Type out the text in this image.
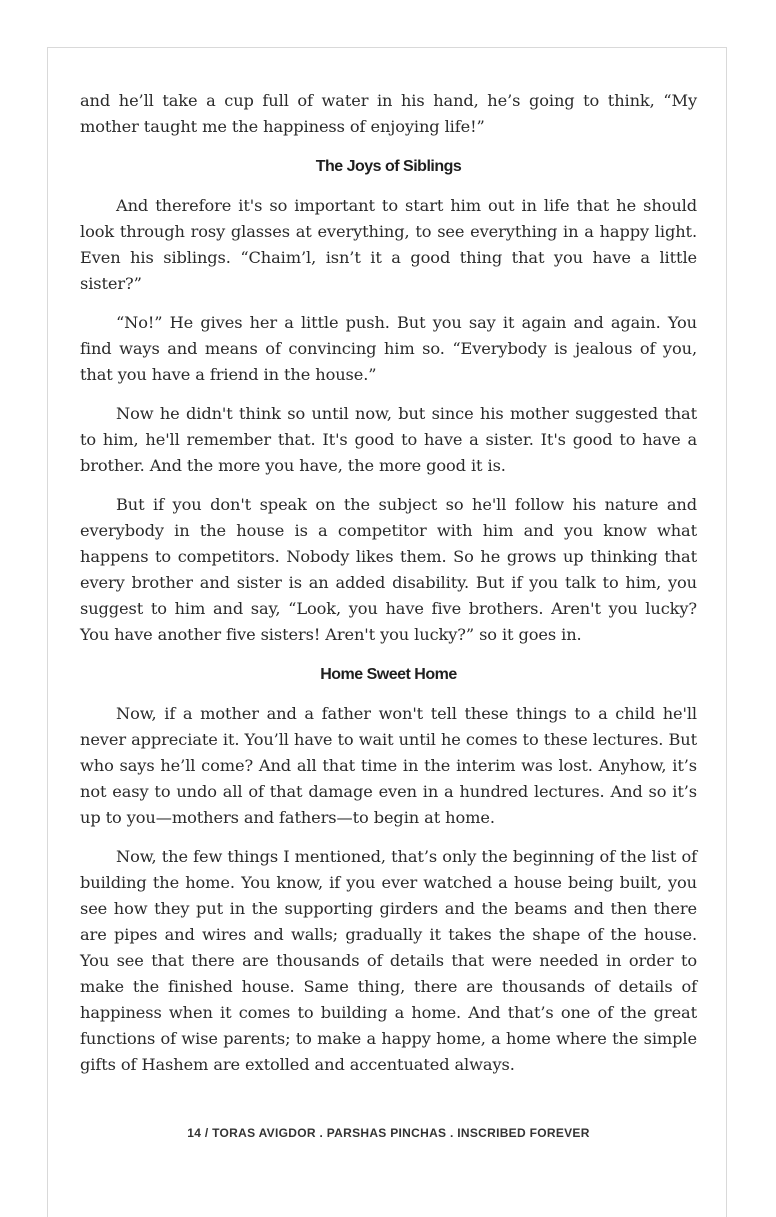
and he’ll take a cup full of water in his hand, he’s going to think, “My mother taught me the happiness of enjoying life!”

The Joys of Siblings

And therefore it's so important to start him out in life that he should look through rosy glasses at everything, to see everything in a happy light. Even his siblings. “Chaim’l, isn’t it a good thing that you have a little sister?”

“No!” He gives her a little push. But you say it again and again. You find ways and means of convincing him so. “Everybody is jealous of you, that you have a friend in the house.”

Now he didn't think so until now, but since his mother suggested that to him, he'll remember that. It's good to have a sister. It's good to have a brother. And the more you have, the more good it is.

But if you don't speak on the subject so he'll follow his nature and everybody in the house is a competitor with him and you know what happens to competitors. Nobody likes them. So he grows up thinking that every brother and sister is an added disability. But if you talk to him, you suggest to him and say, “Look, you have five brothers. Aren't you lucky? You have another five sisters! Aren't you lucky?” so it goes in.

Home Sweet Home

Now, if a mother and a father won't tell these things to a child he'll never appreciate it. You’ll have to wait until he comes to these lectures. But who says he’ll come? And all that time in the interim was lost. Anyhow, it’s not easy to undo all of that damage even in a hundred lectures. And so it’s up to you—mothers and fathers—to begin at home.

Now, the few things I mentioned, that’s only the beginning of the list of building the home. You know, if you ever watched a house being built, you see how they put in the supporting girders and the beams and then there are pipes and wires and walls; gradually it takes the shape of the house. You see that there are thousands of details that were needed in order to make the finished house. Same thing, there are thousands of details of happiness when it comes to building a home. And that’s one of the great functions of wise parents; to make a happy home, a home where the simple gifts of Hashem are extolled and accentuated always.

14 / TORAS AVIGDOR . PARSHAS PINCHAS . INSCRIBED FOREVER
